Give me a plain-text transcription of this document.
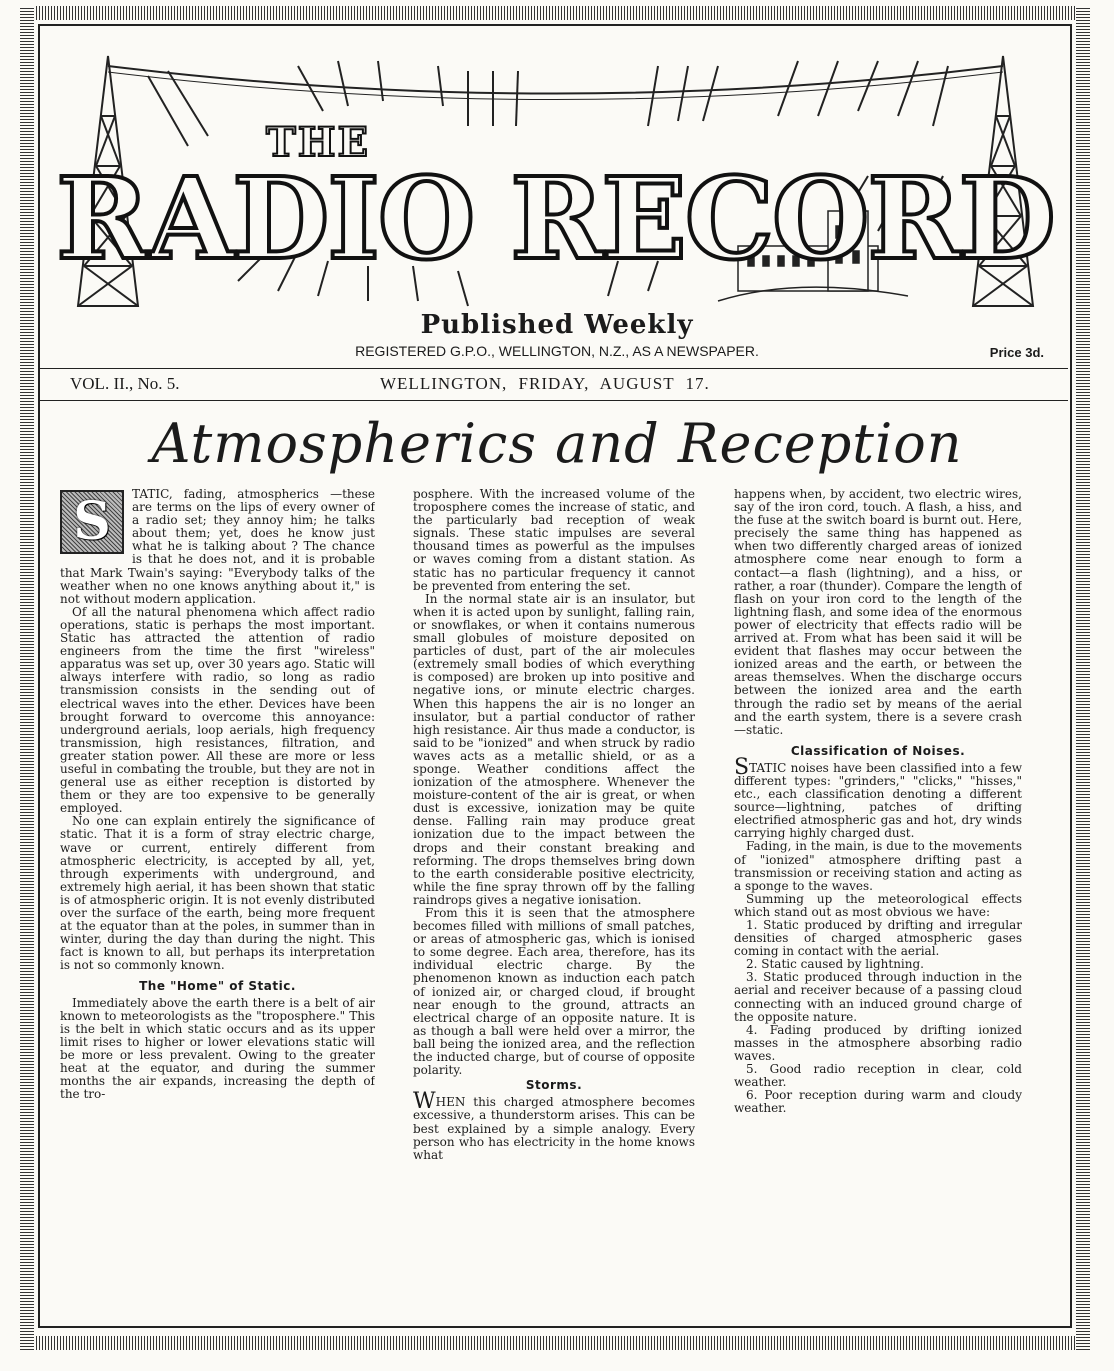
THE
RADIO RECORD
Published Weekly
REGISTERED G.P.O., WELLINGTON, N.Z., AS A NEWSPAPER.	Price 3d.
VOL. II., No. 5.	WELLINGTON, FRIDAY, AUGUST 17.
Atmospherics and Reception
S	TATIC, fading, atmospherics —these are terms on the lips of every owner of a radio set; they annoy him; he talks about them; yet, does he know just what he is talking about ? The chance is that he does not, and it is probable that Mark Twain's saying: "Everybody talks of the weather when no one knows anything about it," is not without modern application.

Of all the natural phenomena which affect radio operations, static is perhaps the most important. Static has attracted the attention of radio engineers from the time the first "wireless" apparatus was set up, over 30 years ago. Static will always interfere with radio, so long as radio transmission consists in the sending out of electrical waves into the ether. Devices have been brought forward to overcome this annoyance: underground aerials, loop aerials, high frequency transmission, high resistances, filtration, and greater station power. All these are more or less useful in combating the trouble, but they are not in general use as either reception is distorted by them or they are too expensive to be generally employed.

No one can explain entirely the significance of static. That it is a form of stray electric charge, wave or current, entirely different from atmospheric electricity, is accepted by all, yet, through experiments with underground, and extremely high aerial, it has been shown that static is of atmospheric origin. It is not evenly distributed over the surface of the earth, being more frequent at the equator than at the poles, in summer than in winter, during the day than during the night. This fact is known to all, but perhaps its interpretation is not so commonly known.

The "Home" of Static.

Immediately above the earth there is a belt of air known to meteorologists as the "troposphere." This is the belt in which static occurs and as its upper limit rises to higher or lower elevations static will be more or less prevalent. Owing to the greater heat at the equator, and during the summer months the air expands, increasing the depth of the tro-

posphere. With the increased volume of the troposphere comes the increase of static, and the particularly bad reception of weak signals. These static impulses are several thousand times as powerful as the impulses or waves coming from a distant station. As static has no particular frequency it cannot be prevented from entering the set.

In the normal state air is an insulator, but when it is acted upon by sunlight, falling rain, or snowflakes, or when it contains numerous small globules of moisture deposited on particles of dust, part of the air molecules (extremely small bodies of which everything is composed) are broken up into positive and negative ions, or minute electric charges. When this happens the air is no longer an insulator, but a partial conductor of rather high resistance. Air thus made a conductor, is said to be "ionized" and when struck by radio waves acts as a metallic shield, or as a sponge. Weather conditions affect the ionization of the atmosphere. Whenever the moisture-content of the air is great, or when dust is excessive, ionization may be quite dense. Falling rain may produce great ionization due to the impact between the drops and their constant breaking and reforming. The drops themselves bring down to the earth considerable positive electricity, while the fine spray thrown off by the falling raindrops gives a negative ionisation.

From this it is seen that the atmosphere becomes filled with millions of small patches, or areas of atmospheric gas, which is ionised to some degree. Each area, therefore, has its individual electric charge. By the phenomenon known as induction each patch of ionized air, or charged cloud, if brought near enough to the ground, attracts an electrical charge of an opposite nature. It is as though a ball were held over a mirror, the ball being the ionized area, and the reflection the inducted charge, but of course of opposite polarity.

Storms.

WHEN this charged atmosphere becomes excessive, a thunderstorm arises. This can be best explained by a simple analogy. Every person who has electricity in the home knows what

happens when, by accident, two electric wires, say of the iron cord, touch. A flash, a hiss, and the fuse at the switch board is burnt out. Here, precisely the same thing has happened as when two differently charged areas of ionized atmosphere come near enough to form a contact—a flash (lightning), and a hiss, or rather, a roar (thunder). Compare the length of flash on your iron cord to the length of the lightning flash, and some idea of the enormous power of electricity that effects radio will be arrived at. From what has been said it will be evident that flashes may occur between the ionized areas and the earth, or between the areas themselves. When the discharge occurs between the ionized area and the earth through the radio set by means of the aerial and the earth system, there is a severe crash —static.

Classification of Noises.

STATIC noises have been classified into a few different types: "grinders," "clicks," "hisses," etc., each classification denoting a different source—lightning, patches of drifting electrified atmospheric gas and hot, dry winds carrying highly charged dust.

Fading, in the main, is due to the movements of "ionized" atmosphere drifting past a transmission or receiving station and acting as a sponge to the waves.

Summing up the meteorological effects which stand out as most obvious we have:

1. Static produced by drifting and irregular densities of charged atmospheric gases coming in contact with the aerial.

2. Static caused by lightning.

3. Static produced through induction in the aerial and receiver because of a passing cloud connecting with an induced ground charge of the opposite nature.

4. Fading produced by drifting ionized masses in the atmosphere absorbing radio waves.

5. Good radio reception in clear, cold weather.

6. Poor reception during warm and cloudy weather.
